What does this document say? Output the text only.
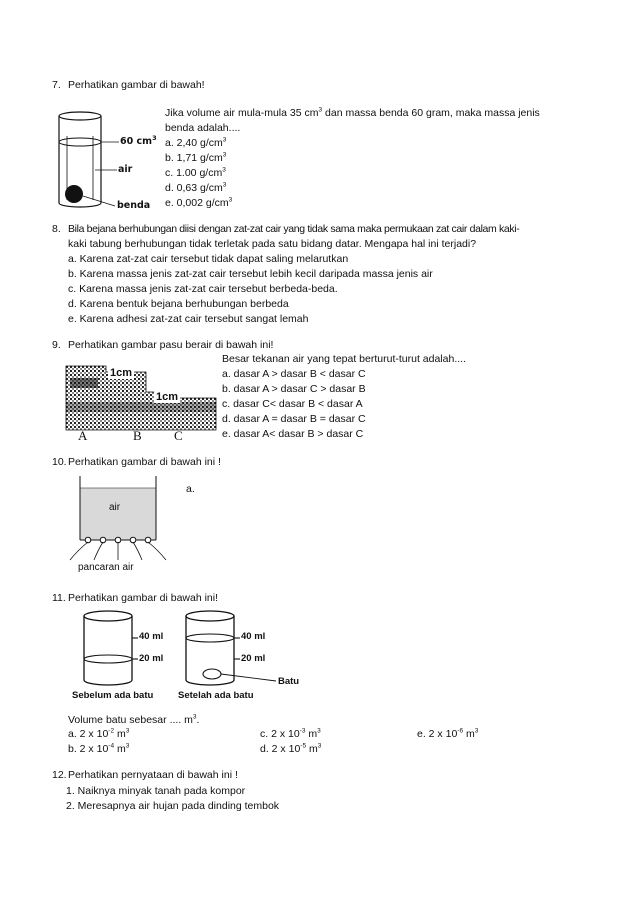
7. Perhatikan gambar di bawah!
60 $cm^3$
air
benda
Jika volume air mula-mula 35 $cm^3$ dan massa benda 60 gram, maka massa jenis
benda adalah....
a. 2,40 $g/cm^3$
b. 1,71 $g/cm^3$
c. 1.00 $g/cm^3$
d. 0,63 $g/cm^3$
e. 0,002 $g/cm^3$
8. Bila bejana berhubungan diisi dengan zat-zat cair yang tidak sama maka permukaan zat cair dalam kaki-
kaki tabung berhubungan tidak terletak pada satu bidang datar. Mengapa hal ini terjadi?
a. Karena zat-zat cair tersebut tidak dapat saling melarutkan
b. Karena massa jenis zat-zat cair tersebut lebih kecil daripada massa jenis air
c. Karena massa jenis zat-zat cair tersebut berbeda-beda.
d. Karena bentuk bejana berhubungan berbeda
e. Karena adhesi zat-zat cair tersebut sangat lemah
9. Perhatikan gambar pasu berair di bawah ini!
1cm
1cm
A	B C
Besar tekanan air yang tepat berturut-turut adalah....
a. dasar A > dasar B < dasar C
b. dasar A > dasar C > dasar B
c. dasar C< dasar B < dasar A
d. dasar A = dasar B = dasar C
e. dasar A< dasar B > dasar C
10. Perhatikan gambar di bawah ini !
a.
air
pancaran air
11. Perhatikan gambar di bawah ini!
40 ml
20 ml
40 ml
20 ml
Batu
Sebelum ada batu	Setelah ada batu
Volume batu sebesar .... $m^3$.
a. 2 x $10^{-2}$ $m^3$
b. 2 x $10^{-4}$ $m^3$
c. 2 x $10^{-3}$ $m^3$
d. 2 x $10^{-5}$ $m^3$
e. 2 x $10^{-6}$ $m^3$
12. Perhatikan pernyataan di bawah ini !
1. Naiknya minyak tanah pada kompor
2. Meresapnya air hujan pada dinding tembok
